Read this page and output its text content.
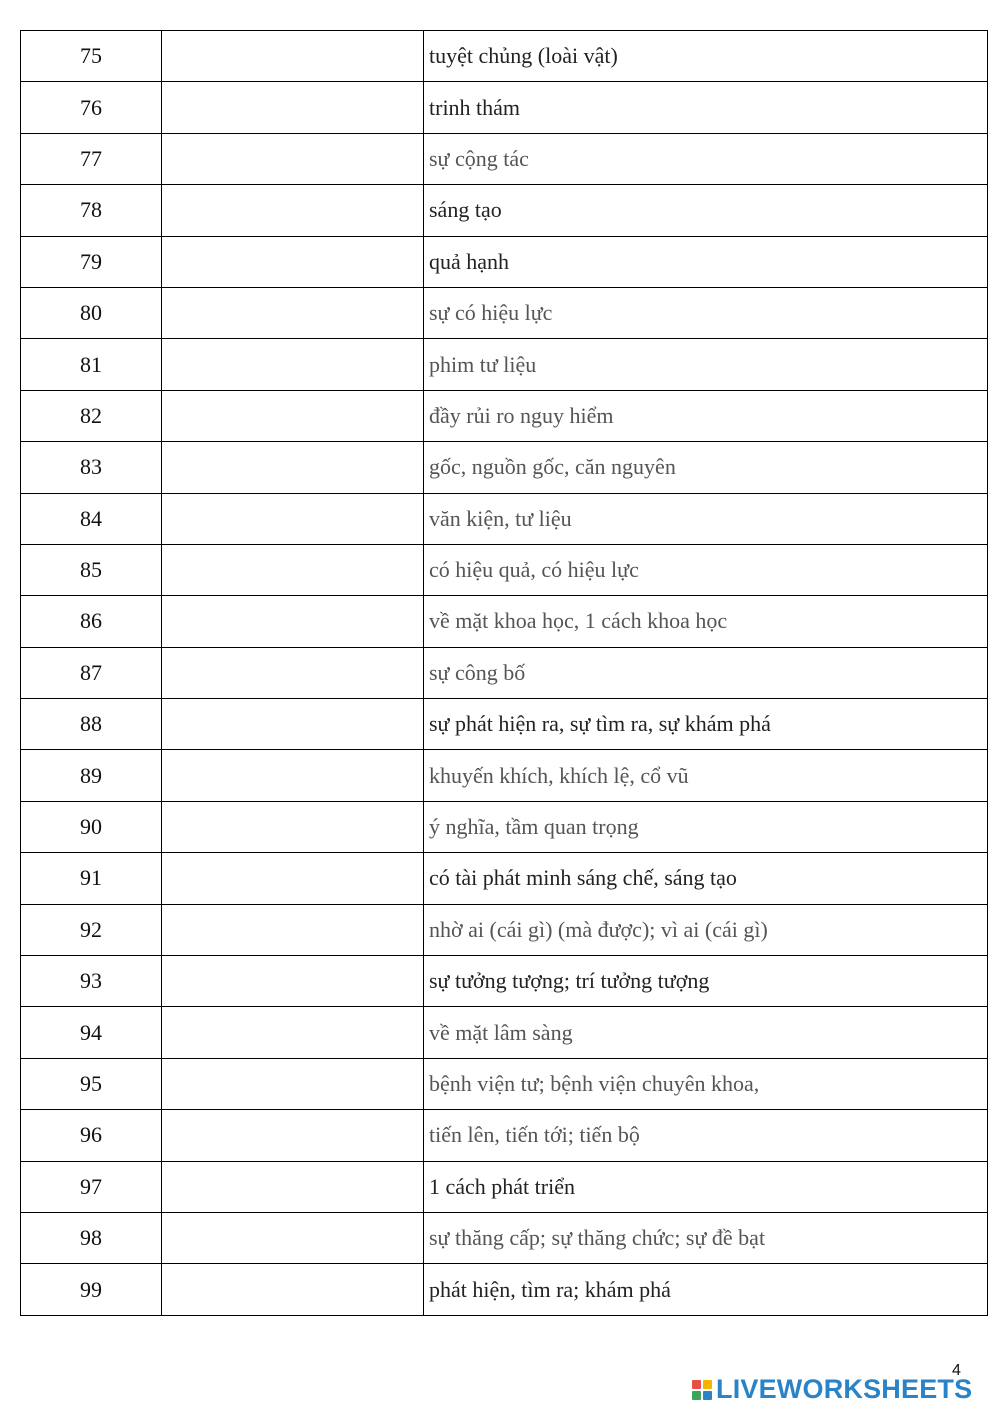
75		tuyệt chủng (loài vật)
76		trinh thám
77		sự cộng tác
78		sáng tạo
79		quả hạnh
80		sự có hiệu lực
81		phim tư liệu
82		đầy rủi ro nguy hiểm
83		gốc, nguồn gốc, căn nguyên
84		văn kiện, tư liệu
85		có hiệu quả, có hiệu lực
86		về mặt khoa học, 1 cách khoa học
87		sự công bố
88		sự phát hiện ra, sự tìm ra, sự khám phá
89		khuyến khích, khích lệ, cổ vũ
90		ý nghĩa, tầm quan trọng
91		có tài phát minh sáng chế, sáng tạo
92		nhờ ai (cái gì) (mà được); vì ai (cái gì)
93		sự tưởng tượng; trí tưởng tượng
94		về mặt lâm sàng
95		bệnh viện tư; bệnh viện chuyên khoa,
96		tiến lên, tiến tới; tiến bộ
97		1 cách phát triển
98		sự thăng cấp; sự thăng chức; sự đề bạt
99		phát hiện, tìm ra; khám phá
4
LIVEWORKSHEETS
